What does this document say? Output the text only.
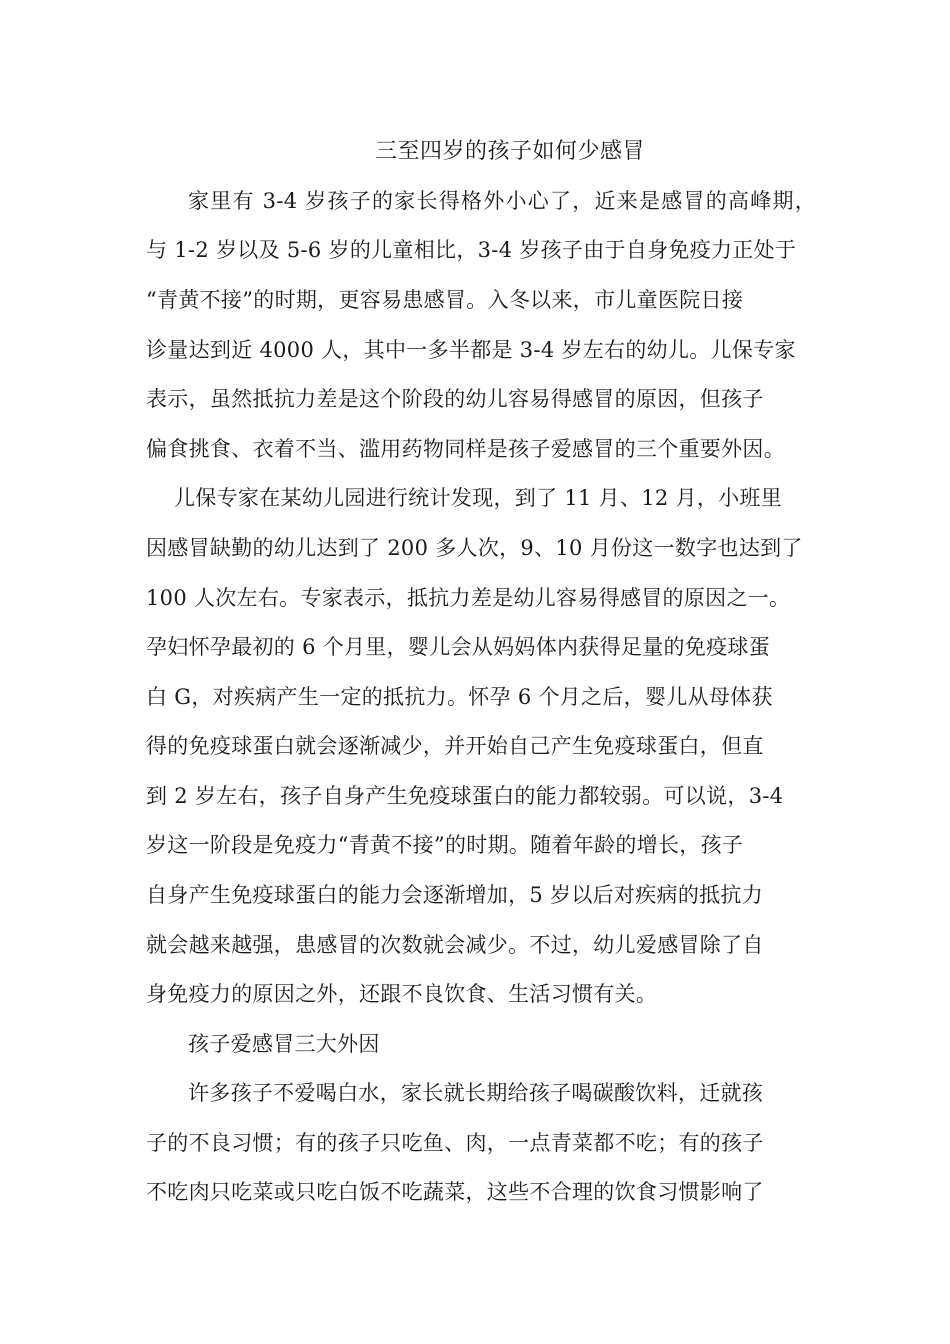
三至四岁的孩子如何少感冒
家里有 3-4 岁孩子的家长得格外小心了，近来是感冒的高峰期，
与 1-2 岁以及 5-6 岁的儿童相比，3-4 岁孩子由于自身免疫力正处于
“青黄不接”的时期，更容易患感冒。入冬以来，市儿童医院日接
诊量达到近 4000 人，其中一多半都是 3-4 岁左右的幼儿。儿保专家
表示，虽然抵抗力差是这个阶段的幼儿容易得感冒的原因，但孩子
偏食挑食、衣着不当、滥用药物同样是孩子爱感冒的三个重要外因。
儿保专家在某幼儿园进行统计发现，到了 11 月、12 月，小班里
因感冒缺勤的幼儿达到了 200 多人次，9、10 月份这一数字也达到了
100 人次左右。专家表示，抵抗力差是幼儿容易得感冒的原因之一。
孕妇怀孕最初的 6 个月里，婴儿会从妈妈体内获得足量的免疫球蛋
白 G，对疾病产生一定的抵抗力。怀孕 6 个月之后，婴儿从母体获
得的免疫球蛋白就会逐渐减少，并开始自己产生免疫球蛋白，但直
到 2 岁左右，孩子自身产生免疫球蛋白的能力都较弱。可以说，3-4
岁这一阶段是免疫力“青黄不接”的时期。随着年龄的增长，孩子
自身产生免疫球蛋白的能力会逐渐增加，5 岁以后对疾病的抵抗力
就会越来越强，患感冒的次数就会减少。不过，幼儿爱感冒除了自
身免疫力的原因之外，还跟不良饮食、生活习惯有关。
孩子爱感冒三大外因
许多孩子不爱喝白水，家长就长期给孩子喝碳酸饮料，迁就孩
子的不良习惯；有的孩子只吃鱼、肉，一点青菜都不吃；有的孩子
不吃肉只吃菜或只吃白饭不吃蔬菜，这些不合理的饮食习惯影响了
